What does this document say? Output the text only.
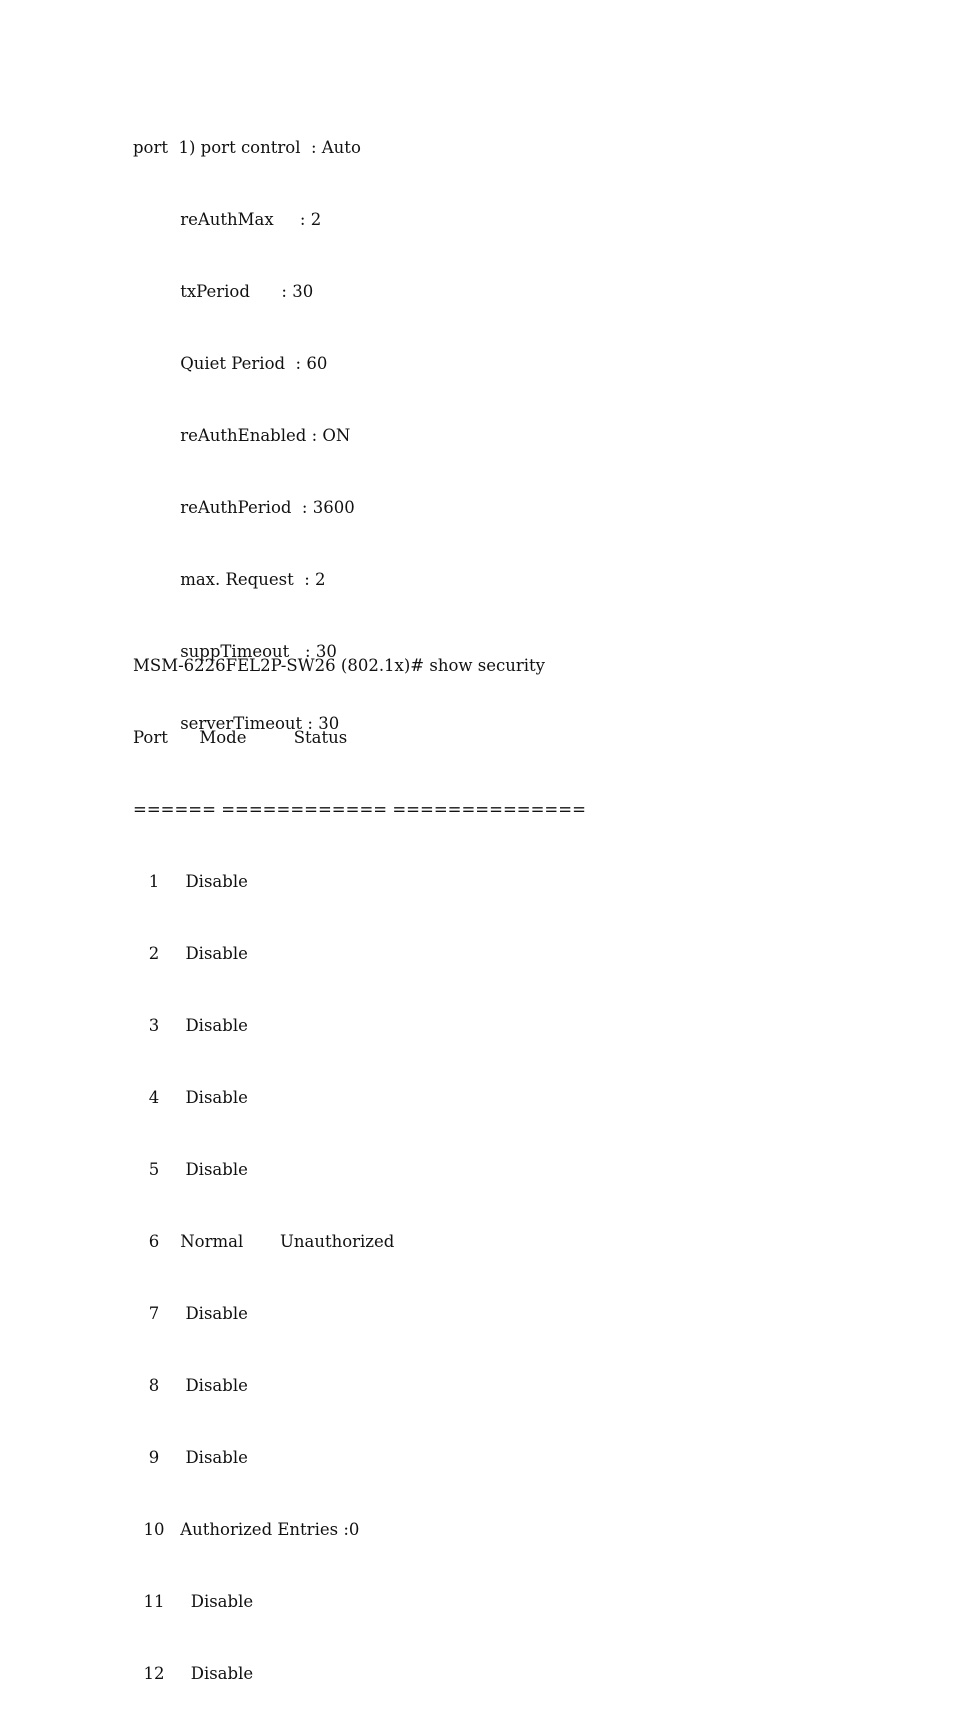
port  1) port control  : Auto

reAuthMax     : 2

txPeriod      : 30

Quiet Period  : 60

reAuthEnabled : ON

reAuthPeriod  : 3600

max. Request  : 2

suppTimeout   : 30

serverTimeout : 30

MSM-6226FEL2P-SW26 (802.1x)# show security

Port      Mode         Status

====== ============ ==============

1     Disable

2     Disable

3     Disable

4     Disable

5     Disable

6    Normal       Unauthorized

7     Disable

8     Disable

9     Disable

10   Authorized Entries :0

11     Disable

12     Disable
